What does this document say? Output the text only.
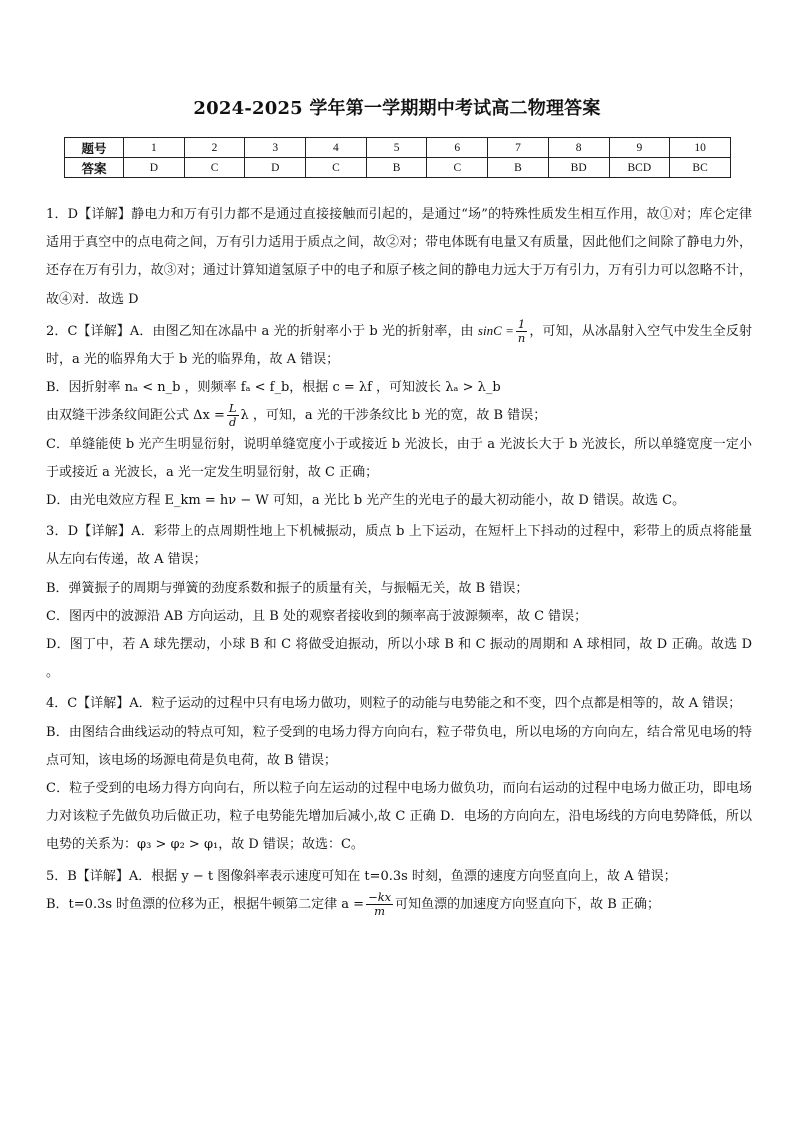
2024-2025 学年第一学期期中考试高二物理答案
题号	1	2	3	4	5	6	7	8	9	10
答案	D	C	D	C	B	C	B	BD	BCD	BC

1．D【详解】静电力和万有引力都不是通过直接接触而引起的，是通过“场”的特殊性质发生相互作用，故①对；库仑定律适用于真空中的点电荷之间，万有引力适用于质点之间，故②对；带电体既有电量又有质量，因此他们之间除了静电力外，还存在万有引力，故③对；通过计算知道氢原子中的电子和原子核之间的静电力远大于万有引力，万有引力可以忽略不计，故④对．故选 D

2．C【详解】A．由图乙知在冰晶中 a 光的折射率小于 b 光的折射率，由 $\sin C = \frac{1}{n}$ ，可知，从冰晶射入空气中发生全反射时，a 光的临界角大于 b 光的临界角，故 A 错误；

B．因折射率 nₐ < n_b ，则频率 fₐ < f_b，根据 c = λf ，可知波长 λₐ > λ_b

由双缝干涉条纹间距公式 $\Delta x = \frac{L}{d}$ λ ，可知，a 光的干涉条纹比 b 光的宽，故 B 错误；

C．单缝能使 b 光产生明显衍射，说明单缝宽度小于或接近 b 光波长，由于 a 光波长大于 b 光波长，所以单缝宽度一定小于或接近 a 光波长，a 光一定发生明显衍射，故 C 正确；

D．由光电效应方程 E_km = hν − W 可知，a 光比 b 光产生的光电子的最大初动能小，故 D 错误。故选 C。

3．D【详解】A．彩带上的点周期性地上下机械振动，质点 b 上下运动，在短杆上下抖动的过程中，彩带上的质点将能量从左向右传递，故 A 错误；

B．弹簧振子的周期与弹簧的劲度系数和振子的质量有关，与振幅无关，故 B 错误；

C．图丙中的波源沿 AB 方向运动，且 B 处的观察者接收到的频率高于波源频率，故 C 错误；

D．图丁中，若 A 球先摆动，小球 B 和 C 将做受迫振动，所以小球 B 和 C 振动的周期和 A 球相同，故 D 正确。故选 D 。

4．C【详解】A．粒子运动的过程中只有电场力做功，则粒子的动能与电势能之和不变，四个点都是相等的，故 A 错误；

B．由图结合曲线运动的特点可知，粒子受到的电场力得方向向右，粒子带负电，所以电场的方向向左，结合常见电场的特点可知，该电场的场源电荷是负电荷，故 B 错误；

C．粒子受到的电场力得方向向右，所以粒子向左运动的过程中电场力做负功，而向右运动的过程中电场力做正功，即电场力对该粒子先做负功后做正功，粒子电势能先增加后减小,故 C 正确 D．电场的方向向左，沿电场线的方向电势降低，所以电势的关系为：φ₃ > φ₂ > φ₁，故 D 错误；故选：C。

5．B【详解】A．根据 y − t 图像斜率表示速度可知在 t=0.3s 时刻，鱼漂的速度方向竖直向上，故 A 错误；

B．t=0.3s 时鱼漂的位移为正，根据牛顿第二定律 $a = \frac{-kx}{m}$ 可知鱼漂的加速度方向竖直向下，故 B 正确；
